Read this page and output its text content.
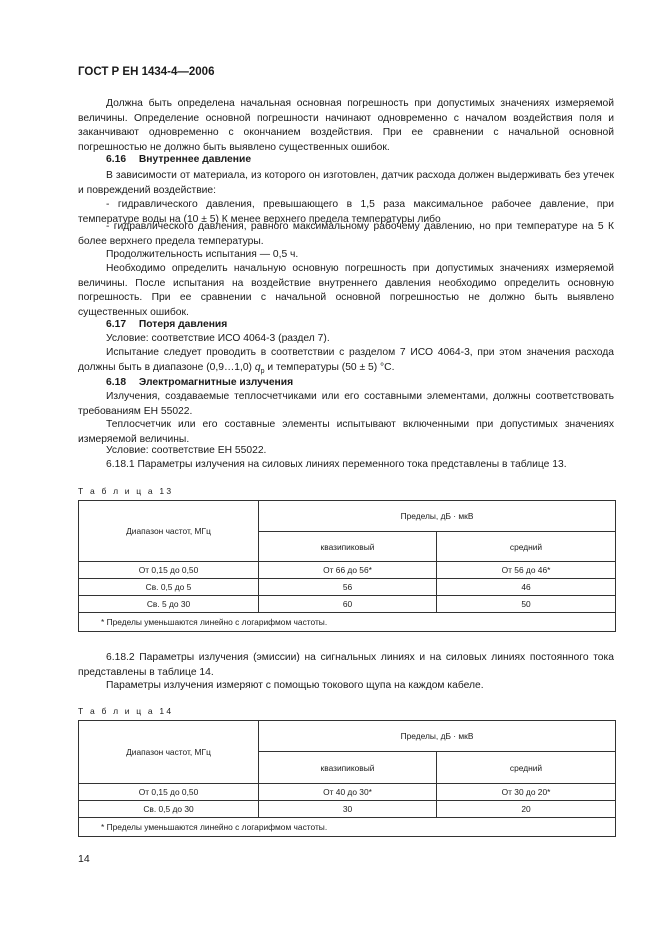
ГОСТ Р ЕН 1434-4—2006
Должна быть определена начальная основная погрешность при допустимых значениях измеряемой величины. Определение основной погрешности начинают одновременно с началом воздействия поля и заканчивают одновременно с окончанием воздействия. При ее сравнении с начальной основной погрешностью не должно быть выявлено существенных ошибок.
6.16 Внутреннее давление
В зависимости от материала, из которого он изготовлен, датчик расхода должен выдерживать без утечек и повреждений воздействие:
- гидравлического давления, превышающего в 1,5 раза максимальное рабочее давление, при температуре воды на (10 ± 5) К менее верхнего предела температуры либо
- гидравлического давления, равного максимальному рабочему давлению, но при температуре на 5 К более верхнего предела температуры.
Продолжительность испытания — 0,5 ч.
Необходимо определить начальную основную погрешность при допустимых значениях измеряемой величины. После испытания на воздействие внутреннего давления необходимо определить основную погрешность. При ее сравнении с начальной основной погрешностью не должно быть выявлено существенных ошибок.
6.17 Потеря давления
Условие: соответствие ИСО 4064-3 (раздел 7).
Испытание следует проводить в соответствии с разделом 7 ИСО 4064-3, при этом значения расхода должны быть в диапазоне (0,9…1,0) $q_p$ и температуры (50 ± 5) °С.
6.18 Электромагнитные излучения
Излучения, создаваемые теплосчетчиками или его составными элементами, должны соответствовать требованиям ЕН 55022.
Теплосчетчик или его составные элементы испытывают включенными при допустимых значениях измеряемой величины.
Условие: соответствие ЕН 55022.
6.18.1 Параметры излучения на силовых линиях переменного тока представлены в таблице 13.
Т а б л и ц а 13
Диапазон частот, МГц	Пределы, дБ · мкВ	
	квазипиковый	средний
От 0,15 до 0,50	От 66 до 56*	От 56 до 46*
Св. 0,5 до 5	56	46
Св. 5 до 30	60	50
* Пределы уменьшаются линейно с логарифмом частоты.		
6.18.2 Параметры излучения (эмиссии) на сигнальных линиях и на силовых линиях постоянного тока представлены в таблице 14.
Параметры излучения измеряют с помощью токового щупа на каждом кабеле.
Т а б л и ц а 14
Диапазон частот, МГц	Пределы, дБ · мкВ	
	квазипиковый	средний
От 0,15 до 0,50	От 40 до 30*	От 30 до 20*
Св. 0,5 до 30	30	20
* Пределы уменьшаются линейно с логарифмом частоты.		
14
